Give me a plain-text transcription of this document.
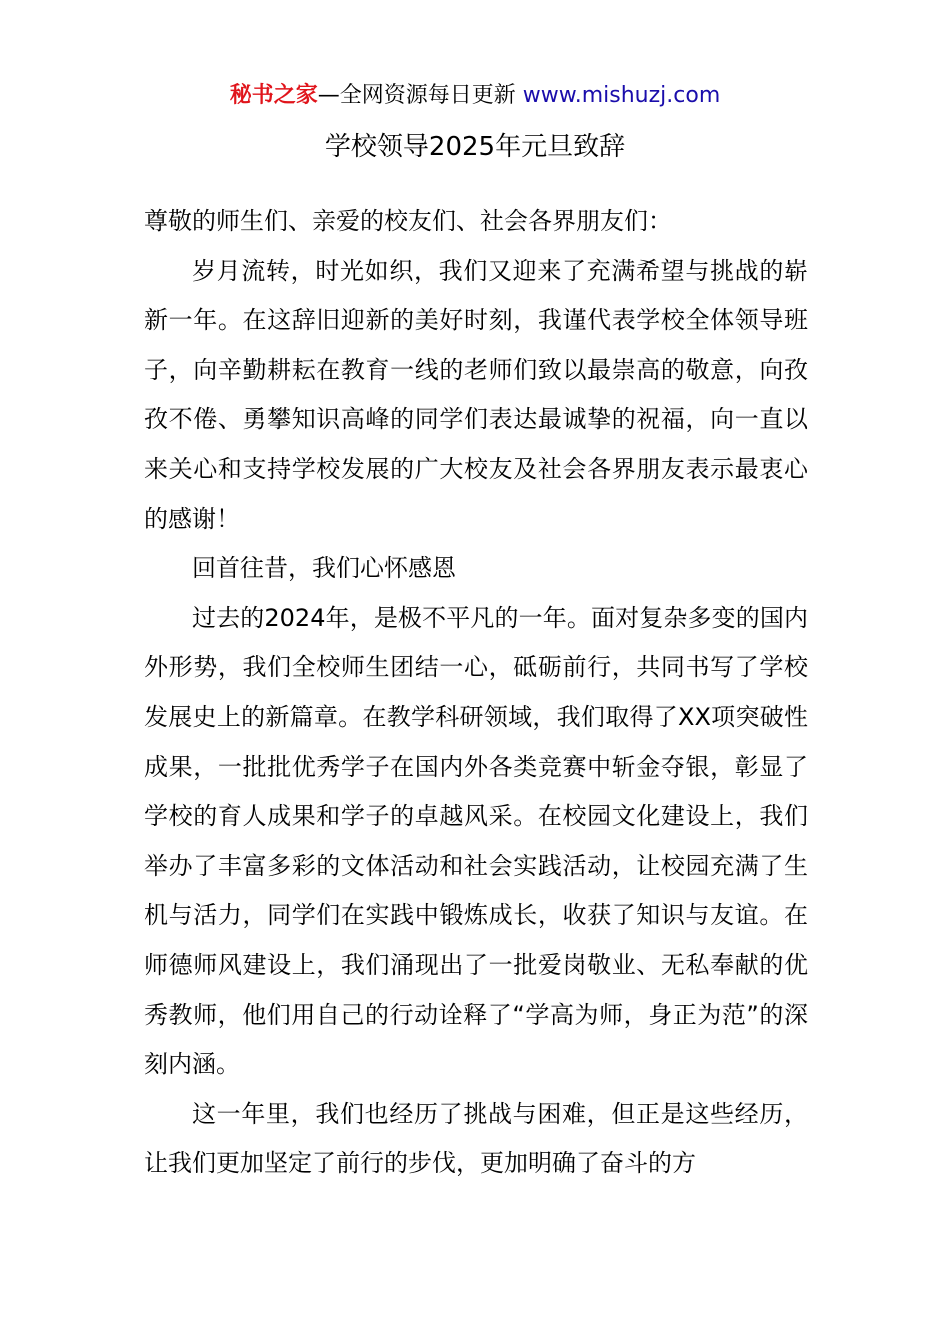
秘书之家—全网资源每日更新 www.mishuzj.com
学校领导2025年元旦致辞

尊敬的师生们、亲爱的校友们、社会各界朋友们：

岁月流转，时光如织，我们又迎来了充满希望与挑战的崭新一年。在这辞旧迎新的美好时刻，我谨代表学校全体领导班子，向辛勤耕耘在教育一线的老师们致以最崇高的敬意，向孜孜不倦、勇攀知识高峰的同学们表达最诚挚的祝福，向一直以来关心和支持学校发展的广大校友及社会各界朋友表示最衷心的感谢！

回首往昔，我们心怀感恩

过去的2024年，是极不平凡的一年。面对复杂多变的国内外形势，我们全校师生团结一心，砥砺前行，共同书写了学校发展史上的新篇章。在教学科研领域，我们取得了XX项突破性成果，一批批优秀学子在国内外各类竞赛中斩金夺银，彰显了学校的育人成果和学子的卓越风采。在校园文化建设上，我们举办了丰富多彩的文体活动和社会实践活动，让校园充满了生机与活力，同学们在实践中锻炼成长，收获了知识与友谊。在师德师风建设上，我们涌现出了一批爱岗敬业、无私奉献的优秀教师，他们用自己的行动诠释了“学高为师，身正为范”的深刻内涵。

这一年里，我们也经历了挑战与困难，但正是这些经历，让我们更加坚定了前行的步伐，更加明确了奋斗的方
